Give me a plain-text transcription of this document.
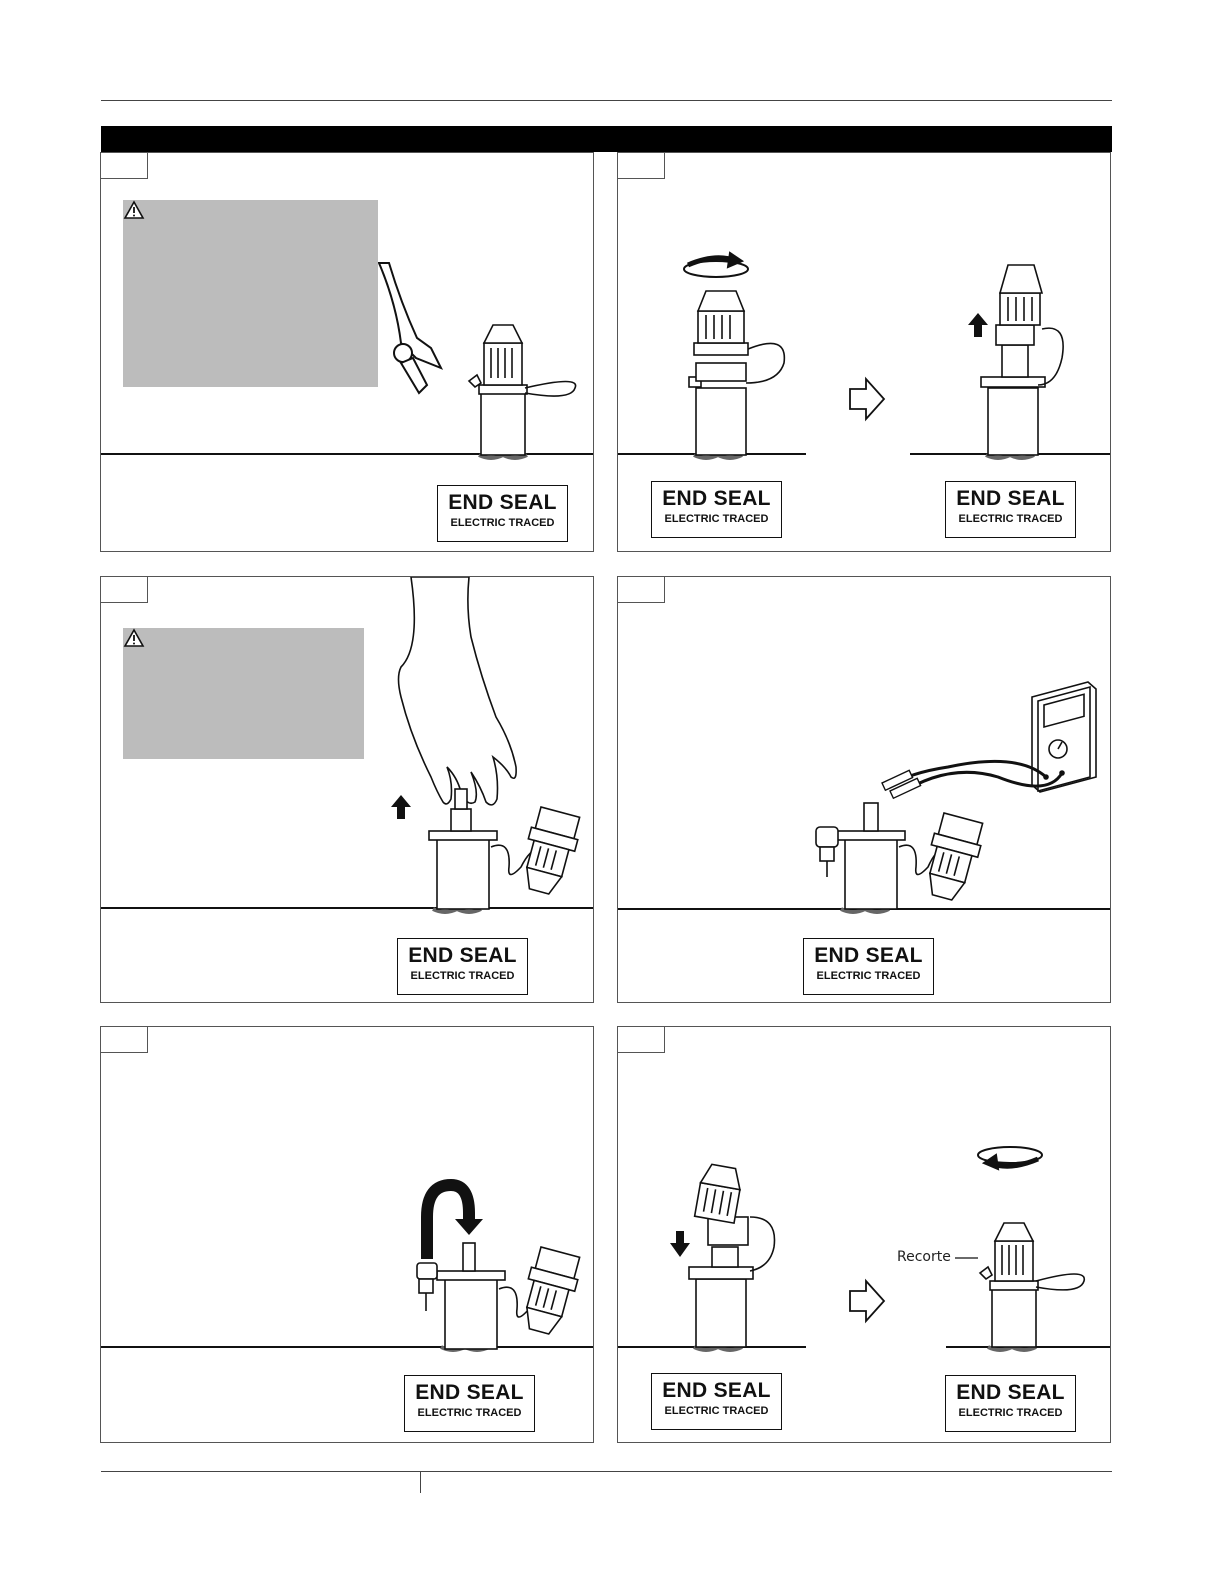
END SEAL
ELECTRIC TRACED
END SEAL
ELECTRIC TRACED
END SEAL
ELECTRIC TRACED
END SEAL
ELECTRIC TRACED
END SEAL
ELECTRIC TRACED
END SEAL
ELECTRIC TRACED
Recorte
END SEAL
ELECTRIC TRACED
END SEAL
ELECTRIC TRACED
